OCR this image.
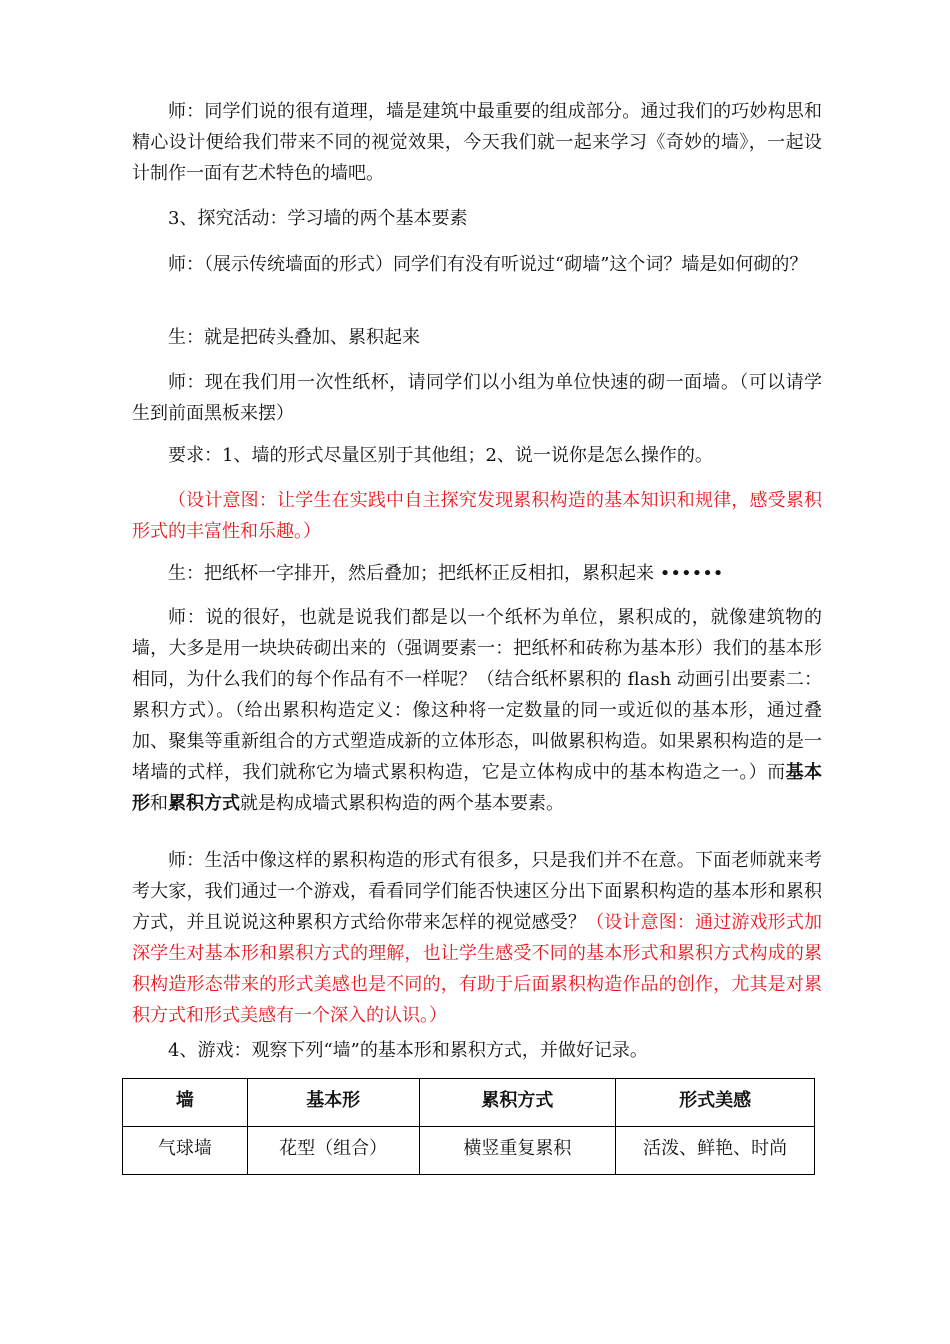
师：同学们说的很有道理，墙是建筑中最重要的组成部分。通过我们的巧妙构思和精心设计便给我们带来不同的视觉效果，今天我们就一起来学习《奇妙的墙》，一起设计制作一面有艺术特色的墙吧。

3、探究活动：学习墙的两个基本要素

师：（展示传统墙面的形式）同学们有没有听说过“砌墙”这个词？墙是如何砌的？

生：就是把砖头叠加、累积起来

师：现在我们用一次性纸杯，请同学们以小组为单位快速的砌一面墙。（可以请学生到前面黑板来摆）

要求：1、墙的形式尽量区别于其他组；2、说一说你是怎么操作的。

（设计意图：让学生在实践中自主探究发现累积构造的基本知识和规律，感受累积形式的丰富性和乐趣。）

生：把纸杯一字排开，然后叠加；把纸杯正反相扣，累积起来 ••••••

师：说的很好，也就是说我们都是以一个纸杯为单位，累积成的，就像建筑物的墙，大多是用一块块砖砌出来的（强调要素一：把纸杯和砖称为基本形）我们的基本形相同，为什么我们的每个作品有不一样呢？（结合纸杯累积的 flash 动画引出要素二：累积方式）。（给出累积构造定义：像这种将一定数量的同一或近似的基本形，通过叠加、聚集等重新组合的方式塑造成新的立体形态，叫做累积构造。如果累积构造的是一堵墙的式样，我们就称它为墙式累积构造，它是立体构成中的基本构造之一。）而基本形和累积方式就是构成墙式累积构造的两个基本要素。

师：生活中像这样的累积构造的形式有很多，只是我们并不在意。下面老师就来考考大家，我们通过一个游戏，看看同学们能否快速区分出下面累积构造的基本形和累积方式，并且说说这种累积方式给你带来怎样的视觉感受？（设计意图：通过游戏形式加深学生对基本形和累积方式的理解，也让学生感受不同的基本形式和累积方式构成的累积构造形态带来的形式美感也是不同的，有助于后面累积构造作品的创作，尤其是对累积方式和形式美感有一个深入的认识。）

4、游戏：观察下列“墙”的基本形和累积方式，并做好记录。

墙	基本形	累积方式	形式美感
气球墙	花型（组合）	横竖重复累积	活泼、鲜艳、时尚
